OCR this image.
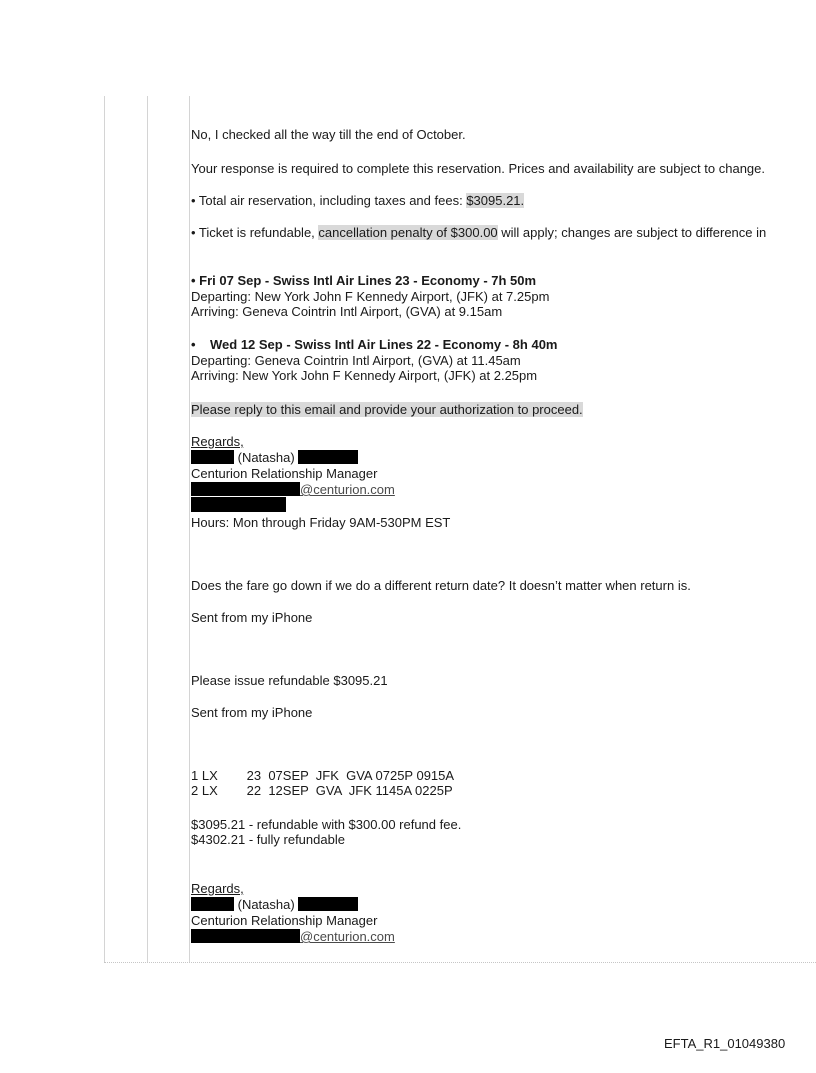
No, I checked all the way till the end of October.
Your response is required to complete this reservation. Prices and availability are subject to change.
• Total air reservation, including taxes and fees: $3095.21.
• Ticket is refundable, cancellation penalty of $300.00 will apply; changes are subject to difference in
• Fri 07 Sep - Swiss Intl Air Lines 23 - Economy - 7h 50m
Departing: New York John F Kennedy Airport, (JFK) at 7.25pm
Arriving: Geneva Cointrin Intl Airport, (GVA) at 9.15am
•    Wed 12 Sep - Swiss Intl Air Lines 22 - Economy - 8h 40m
Departing: Geneva Cointrin Intl Airport, (GVA) at 11.45am
Arriving: New York John F Kennedy Airport, (JFK) at 2.25pm
Please reply to this email and provide your authorization to proceed.
Regards,
(Natasha)
Centurion Relationship Manager
@centurion.com
Hours: Mon through Friday 9AM-530PM EST
Does the fare go down if we do a different return date? It doesn’t matter when return is.
Sent from my iPhone
Please issue refundable $3095.21
Sent from my iPhone
1 LX        23  07SEP  JFK  GVA 0725P 0915A
2 LX        22  12SEP  GVA  JFK 1145A 0225P
$3095.21 - refundable with $300.00 refund fee.
$4302.21 - fully refundable
Regards,
(Natasha)
Centurion Relationship Manager
@centurion.com
EFTA_R1_01049380
